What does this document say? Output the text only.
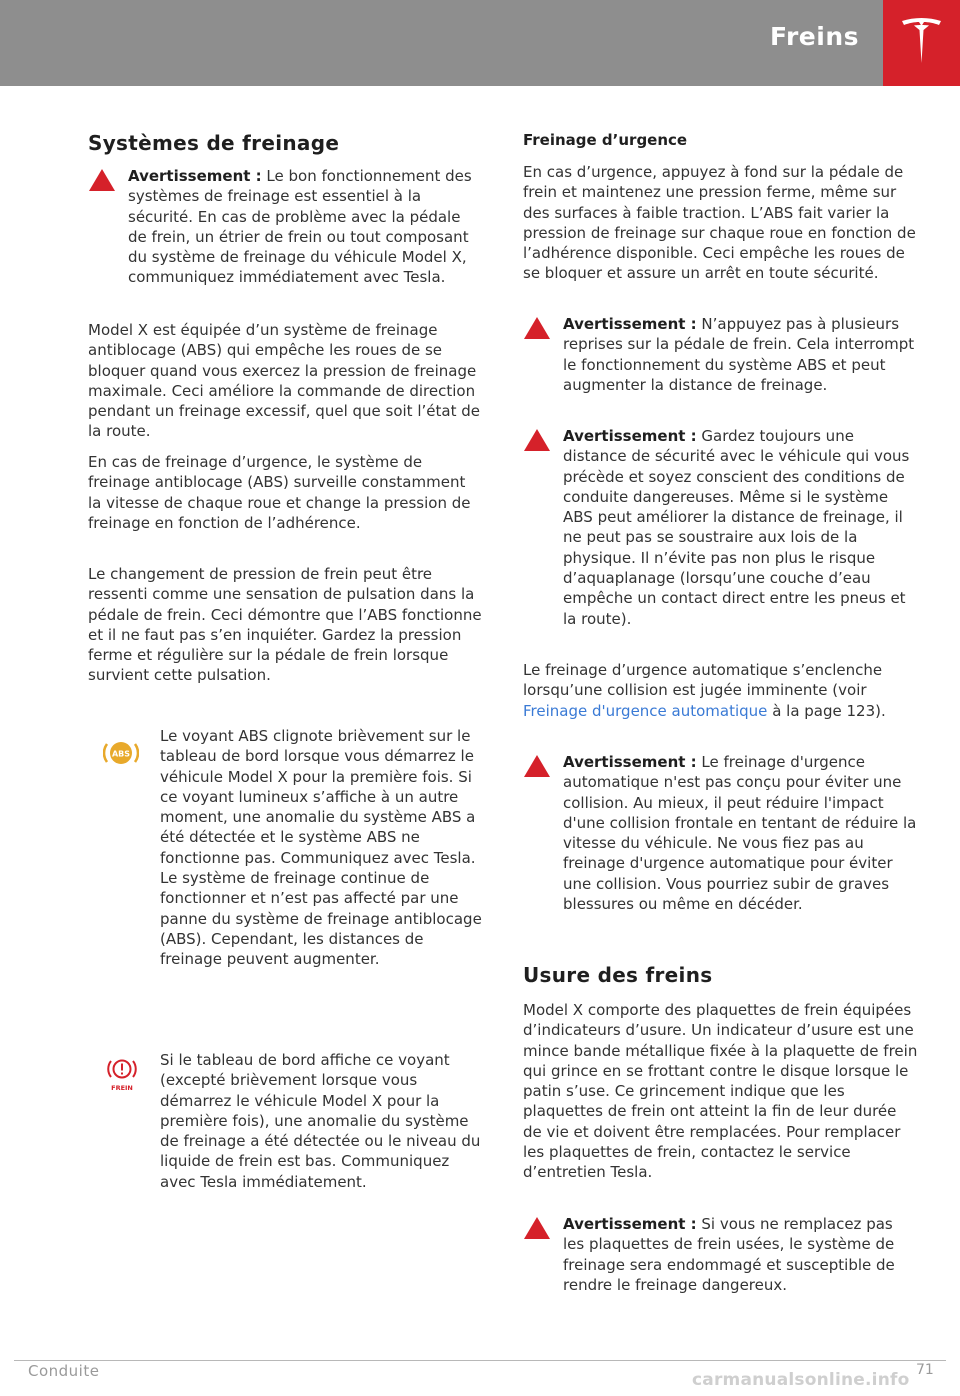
Freins
Systèmes de freinage
Avertissement : Le bon fonctionnement des systèmes de freinage est essentiel à la sécurité. En cas de problème avec la pédale de frein, un étrier de frein ou tout composant du système de freinage du véhicule Model X, communiquez immédiatement avec Tesla.
Model X est équipée d’un système de freinage antiblocage (ABS) qui empêche les roues de se bloquer quand vous exercez la pression de freinage maximale. Ceci améliore la commande de direction pendant un freinage excessif, quel que soit l’état de la route.
En cas de freinage d’urgence, le système de freinage antiblocage (ABS) surveille constamment la vitesse de chaque roue et change la pression de freinage en fonction de l’adhérence.
Le changement de pression de frein peut être ressenti comme une sensation de pulsation dans la pédale de frein. Ceci démontre que l’ABS fonctionne et il ne faut pas s’en inquiéter. Gardez la pression ferme et régulière sur la pédale de frein lorsque survient cette pulsation.
ABS
Le voyant ABS clignote brièvement sur le tableau de bord lorsque vous démarrez le véhicule Model X pour la première fois. Si ce voyant lumineux s’affiche à un autre moment, une anomalie du système ABS a été détectée et le système ABS ne fonctionne pas. Communiquez avec Tesla. Le système de freinage continue de fonctionner et n’est pas affecté par une panne du système de freinage antiblocage (ABS). Cependant, les distances de freinage peuvent augmenter.
FREIN
Si le tableau de bord affiche ce voyant (excepté brièvement lorsque vous démarrez le véhicule Model X pour la première fois), une anomalie du système de freinage a été détectée ou le niveau du liquide de frein est bas. Communiquez avec Tesla immédiatement.
Freinage d’urgence
En cas d’urgence, appuyez à fond sur la pédale de frein et maintenez une pression ferme, même sur des surfaces à faible traction. L’ABS fait varier la pression de freinage sur chaque roue en fonction de l’adhérence disponible. Ceci empêche les roues de se bloquer et assure un arrêt en toute sécurité.
Avertissement : N’appuyez pas à plusieurs reprises sur la pédale de frein. Cela interrompt le fonctionnement du système ABS et peut augmenter la distance de freinage.
Avertissement : Gardez toujours une distance de sécurité avec le véhicule qui vous précède et soyez conscient des conditions de conduite dangereuses. Même si le système ABS peut améliorer la distance de freinage, il ne peut pas se soustraire aux lois de la physique. Il n’évite pas non plus le risque d’aquaplanage (lorsqu’une couche d’eau empêche un contact direct entre les pneus et la route).
Le freinage d’urgence automatique s’enclenche lorsqu’une collision est jugée imminente (voir Freinage d'urgence automatique à la page 123).
Avertissement : Le freinage d'urgence automatique n'est pas conçu pour éviter une collision. Au mieux, il peut réduire l'impact d'une collision frontale en tentant de réduire la vitesse du véhicule. Ne vous fiez pas au freinage d'urgence automatique pour éviter une collision. Vous pourriez subir de graves blessures ou même en décéder.
Usure des freins
Model X comporte des plaquettes de frein équipées d’indicateurs d’usure. Un indicateur d’usure est une mince bande métallique fixée à la plaquette de frein qui grince en se frottant contre le disque lorsque le patin s’use. Ce grincement indique que les plaquettes de frein ont atteint la fin de leur durée de vie et doivent être remplacées. Pour remplacer les plaquettes de frein, contactez le service d’entretien Tesla.
Avertissement : Si vous ne remplacez pas les plaquettes de frein usées, le système de freinage sera endommagé et susceptible de rendre le freinage dangereux.
Conduite	71
carmanualsonline.info
